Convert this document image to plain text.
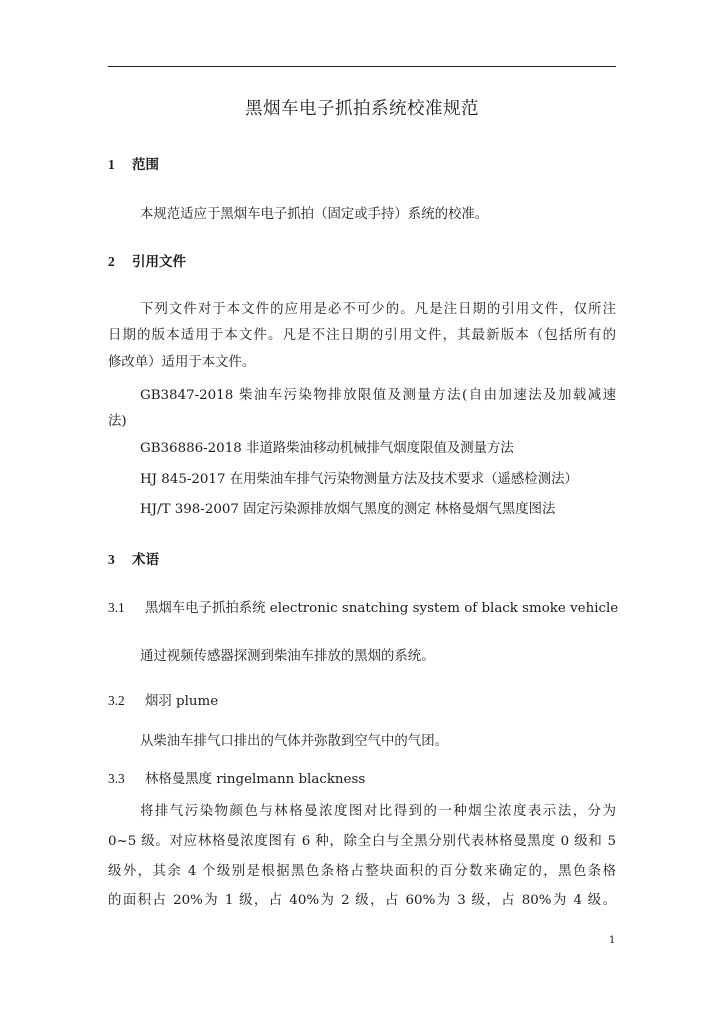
黑烟车电子抓拍系统校准规范
1 范围
本规范适应于黑烟车电子抓拍（固定或手持）系统的校准。
2 引用文件
下列文件对于本文件的应用是必不可少的。凡是注日期的引用文件，仅所注
日期的版本适用于本文件。凡是不注日期的引用文件，其最新版本（包括所有的
修改单）适用于本文件。
GB3847-2018 柴油车污染物排放限值及测量方法(自由加速法及加载减速
法)
GB36886-2018 非道路柴油移动机械排气烟度限值及测量方法
HJ 845-2017 在用柴油车排气污染物测量方法及技术要求（遥感检测法）
HJ/T 398-2007 固定污染源排放烟气黑度的测定 林格曼烟气黑度图法
3 术语
3.1 黑烟车电子抓拍系统 electronic snatching system of black smoke vehicle
通过视频传感器探测到柴油车排放的黑烟的系统。
3.2 烟羽 plume
从柴油车排气口排出的气体并弥散到空气中的气团。
3.3 林格曼黑度 ringelmann blackness
将排气污染物颜色与林格曼浓度图对比得到的一种烟尘浓度表示法，分为
0~5 级。对应林格曼浓度图有 6 种，除全白与全黑分别代表林格曼黑度 0 级和 5
级外，其余 4 个级别是根据黑色条格占整块面积的百分数来确定的，黑色条格
的面积占 20%为 1 级，占 40%为 2 级，占 60%为 3 级，占 80%为 4 级。
1
